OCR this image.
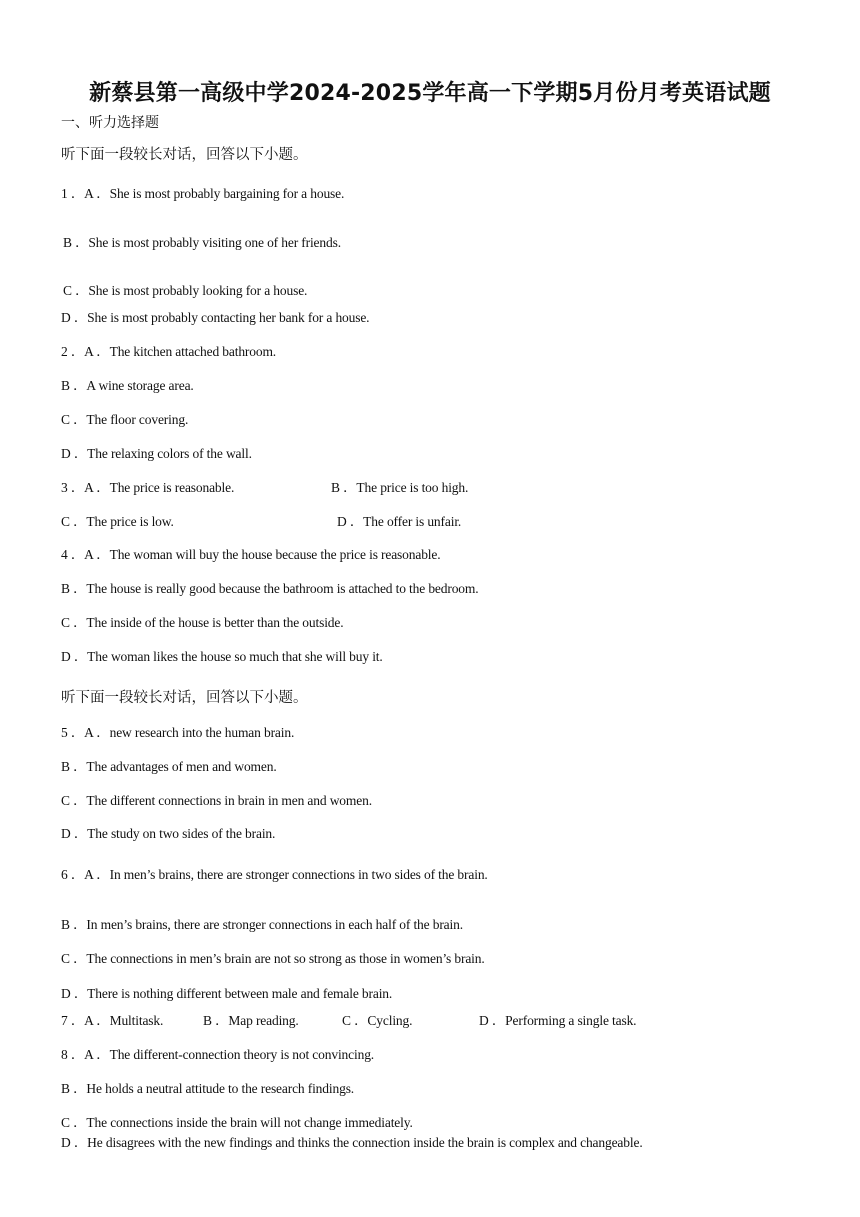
新蔡县第一高级中学2024-2025学年高一下学期5月份月考英语试题
一、听力选择题
听下面一段较长对话，回答以下小题。
1 ．A ．She is most probably bargaining for a house.
B ．She is most probably visiting one of her friends.
C ．She is most probably looking for a house.
D ．She is most probably contacting her bank for a house.
2 ．A ．The kitchen attached bathroom.
B ．A wine storage area.
C ．The floor covering.
D ．The relaxing colors of the wall.
3 ．A ．The price is reasonable.	B ．The price is too high.
C ．The price is low.	D ．The offer is unfair.
4 ．A ．The woman will buy the house because the price is reasonable.
B ．The house is really good because the bathroom is attached to the bedroom.
C ．The inside of the house is better than the outside.
D ．The woman likes the house so much that she will buy it.
听下面一段较长对话，回答以下小题。
5 ．A ．new research into the human brain.
B ．The advantages of men and women.
C ．The different connections in brain in men and women.
D ．The study on two sides of the brain.
6 ．A ．In men’s brains, there are stronger connections in two sides of the brain.
B ．In men’s brains, there are stronger connections in each half of the brain.
C ．The connections in men’s brain are not so strong as those in women’s brain.
D ．There is nothing different between male and female brain.
7 ．A ．Multitask.	B ．Map reading.	C ．Cycling.	D ．Performing a single task.
8 ．A ．The different-connection theory is not convincing.
B ．He holds a neutral attitude to the research findings.
C ．The connections inside the brain will not change immediately.
D ．He disagrees with the new findings and thinks the connection inside the brain is complex and changeable.
